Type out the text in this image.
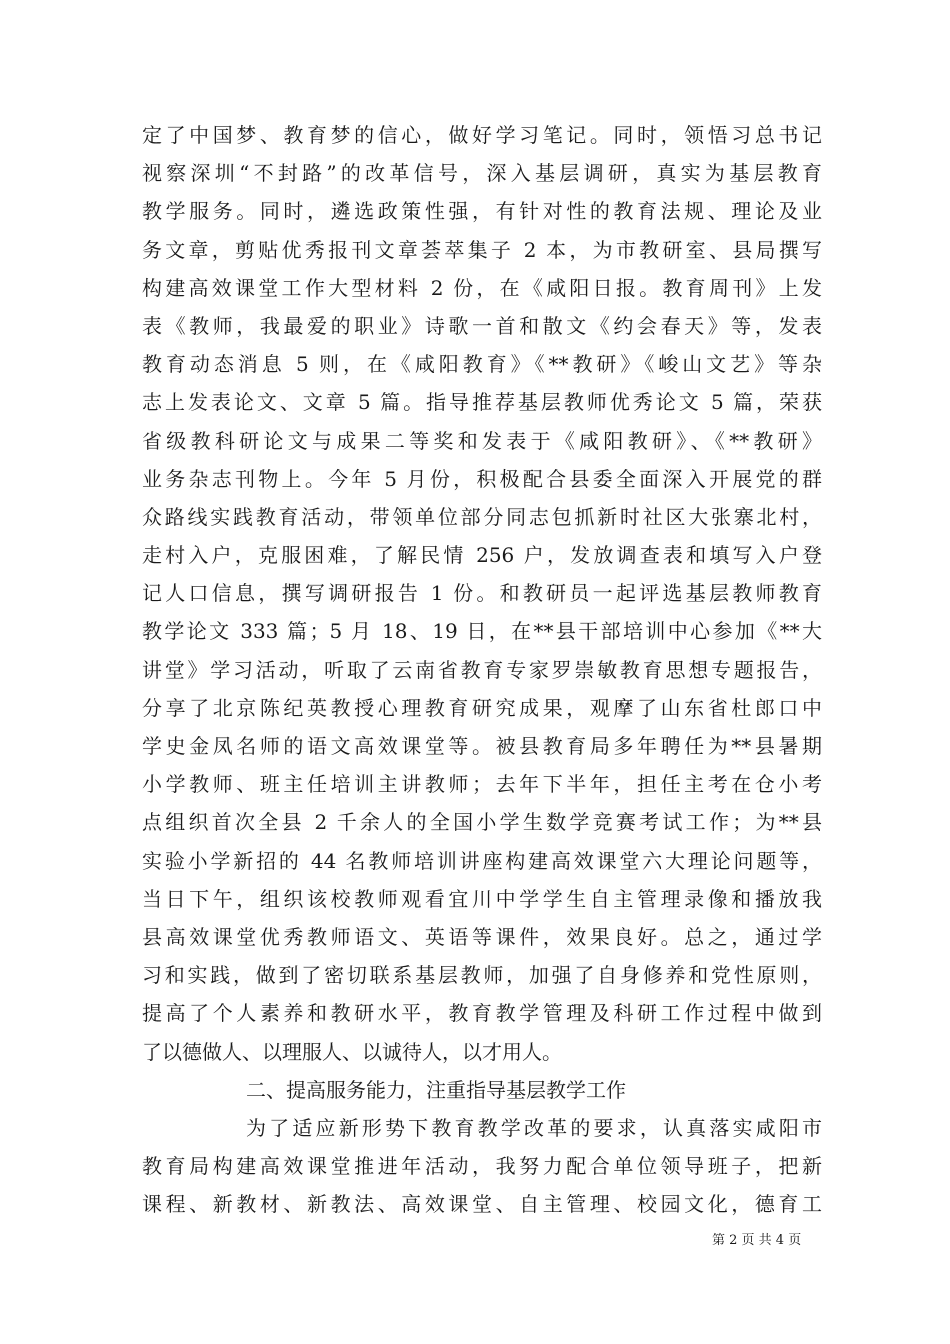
定了中国梦、教育梦的信心，做好学习笔记。同时，领悟习总书记
视察深圳“不封路”的改革信号，深入基层调研，真实为基层教育
教学服务。同时，遴选政策性强，有针对性的教育法规、理论及业
务文章，剪贴优秀报刊文章荟萃集子 2 本，为市教研室、县局撰写
构建高效课堂工作大型材料 2 份，在《咸阳日报。教育周刊》上发
表《教师，我最爱的职业》诗歌一首和散文《约会春天》等，发表
教育动态消息 5 则，在《咸阳教育》《**教研》《峻山文艺》等杂
志上发表论文、文章 5 篇。指导推荐基层教师优秀论文 5 篇，荣获
省级教科研论文与成果二等奖和发表于《咸阳教研》、《**教研》
业务杂志刊物上。今年 5 月份，积极配合县委全面深入开展党的群
众路线实践教育活动，带领单位部分同志包抓新时社区大张寨北村，
走村入户，克服困难，了解民情 256 户，发放调查表和填写入户登
记人口信息，撰写调研报告 1 份。和教研员一起评选基层教师教育
教学论文 333 篇；5 月 18、19 日，在**县干部培训中心参加《**大
讲堂》学习活动，听取了云南省教育专家罗崇敏教育思想专题报告，
分享了北京陈纪英教授心理教育研究成果，观摩了山东省杜郎口中
学史金凤名师的语文高效课堂等。被县教育局多年聘任为**县暑期
小学教师、班主任培训主讲教师；去年下半年，担任主考在仓小考
点组织首次全县 2 千余人的全国小学生数学竞赛考试工作；为**县
实验小学新招的 44 名教师培训讲座构建高效课堂六大理论问题等，
当日下午，组织该校教师观看宜川中学学生自主管理录像和播放我
县高效课堂优秀教师语文、英语等课件，效果良好。总之，通过学
习和实践，做到了密切联系基层教师，加强了自身修养和党性原则，
提高了个人素养和教研水平，教育教学管理及科研工作过程中做到
了以德做人、以理服人、以诚待人，以才用人。
二、提高服务能力，注重指导基层教学工作
为了适应新形势下教育教学改革的要求，认真落实咸阳市
教育局构建高效课堂推进年活动，我努力配合单位领导班子，把新
课程、新教材、新教法、高效课堂、自主管理、校园文化，德育工
第 2 页 共 4 页
